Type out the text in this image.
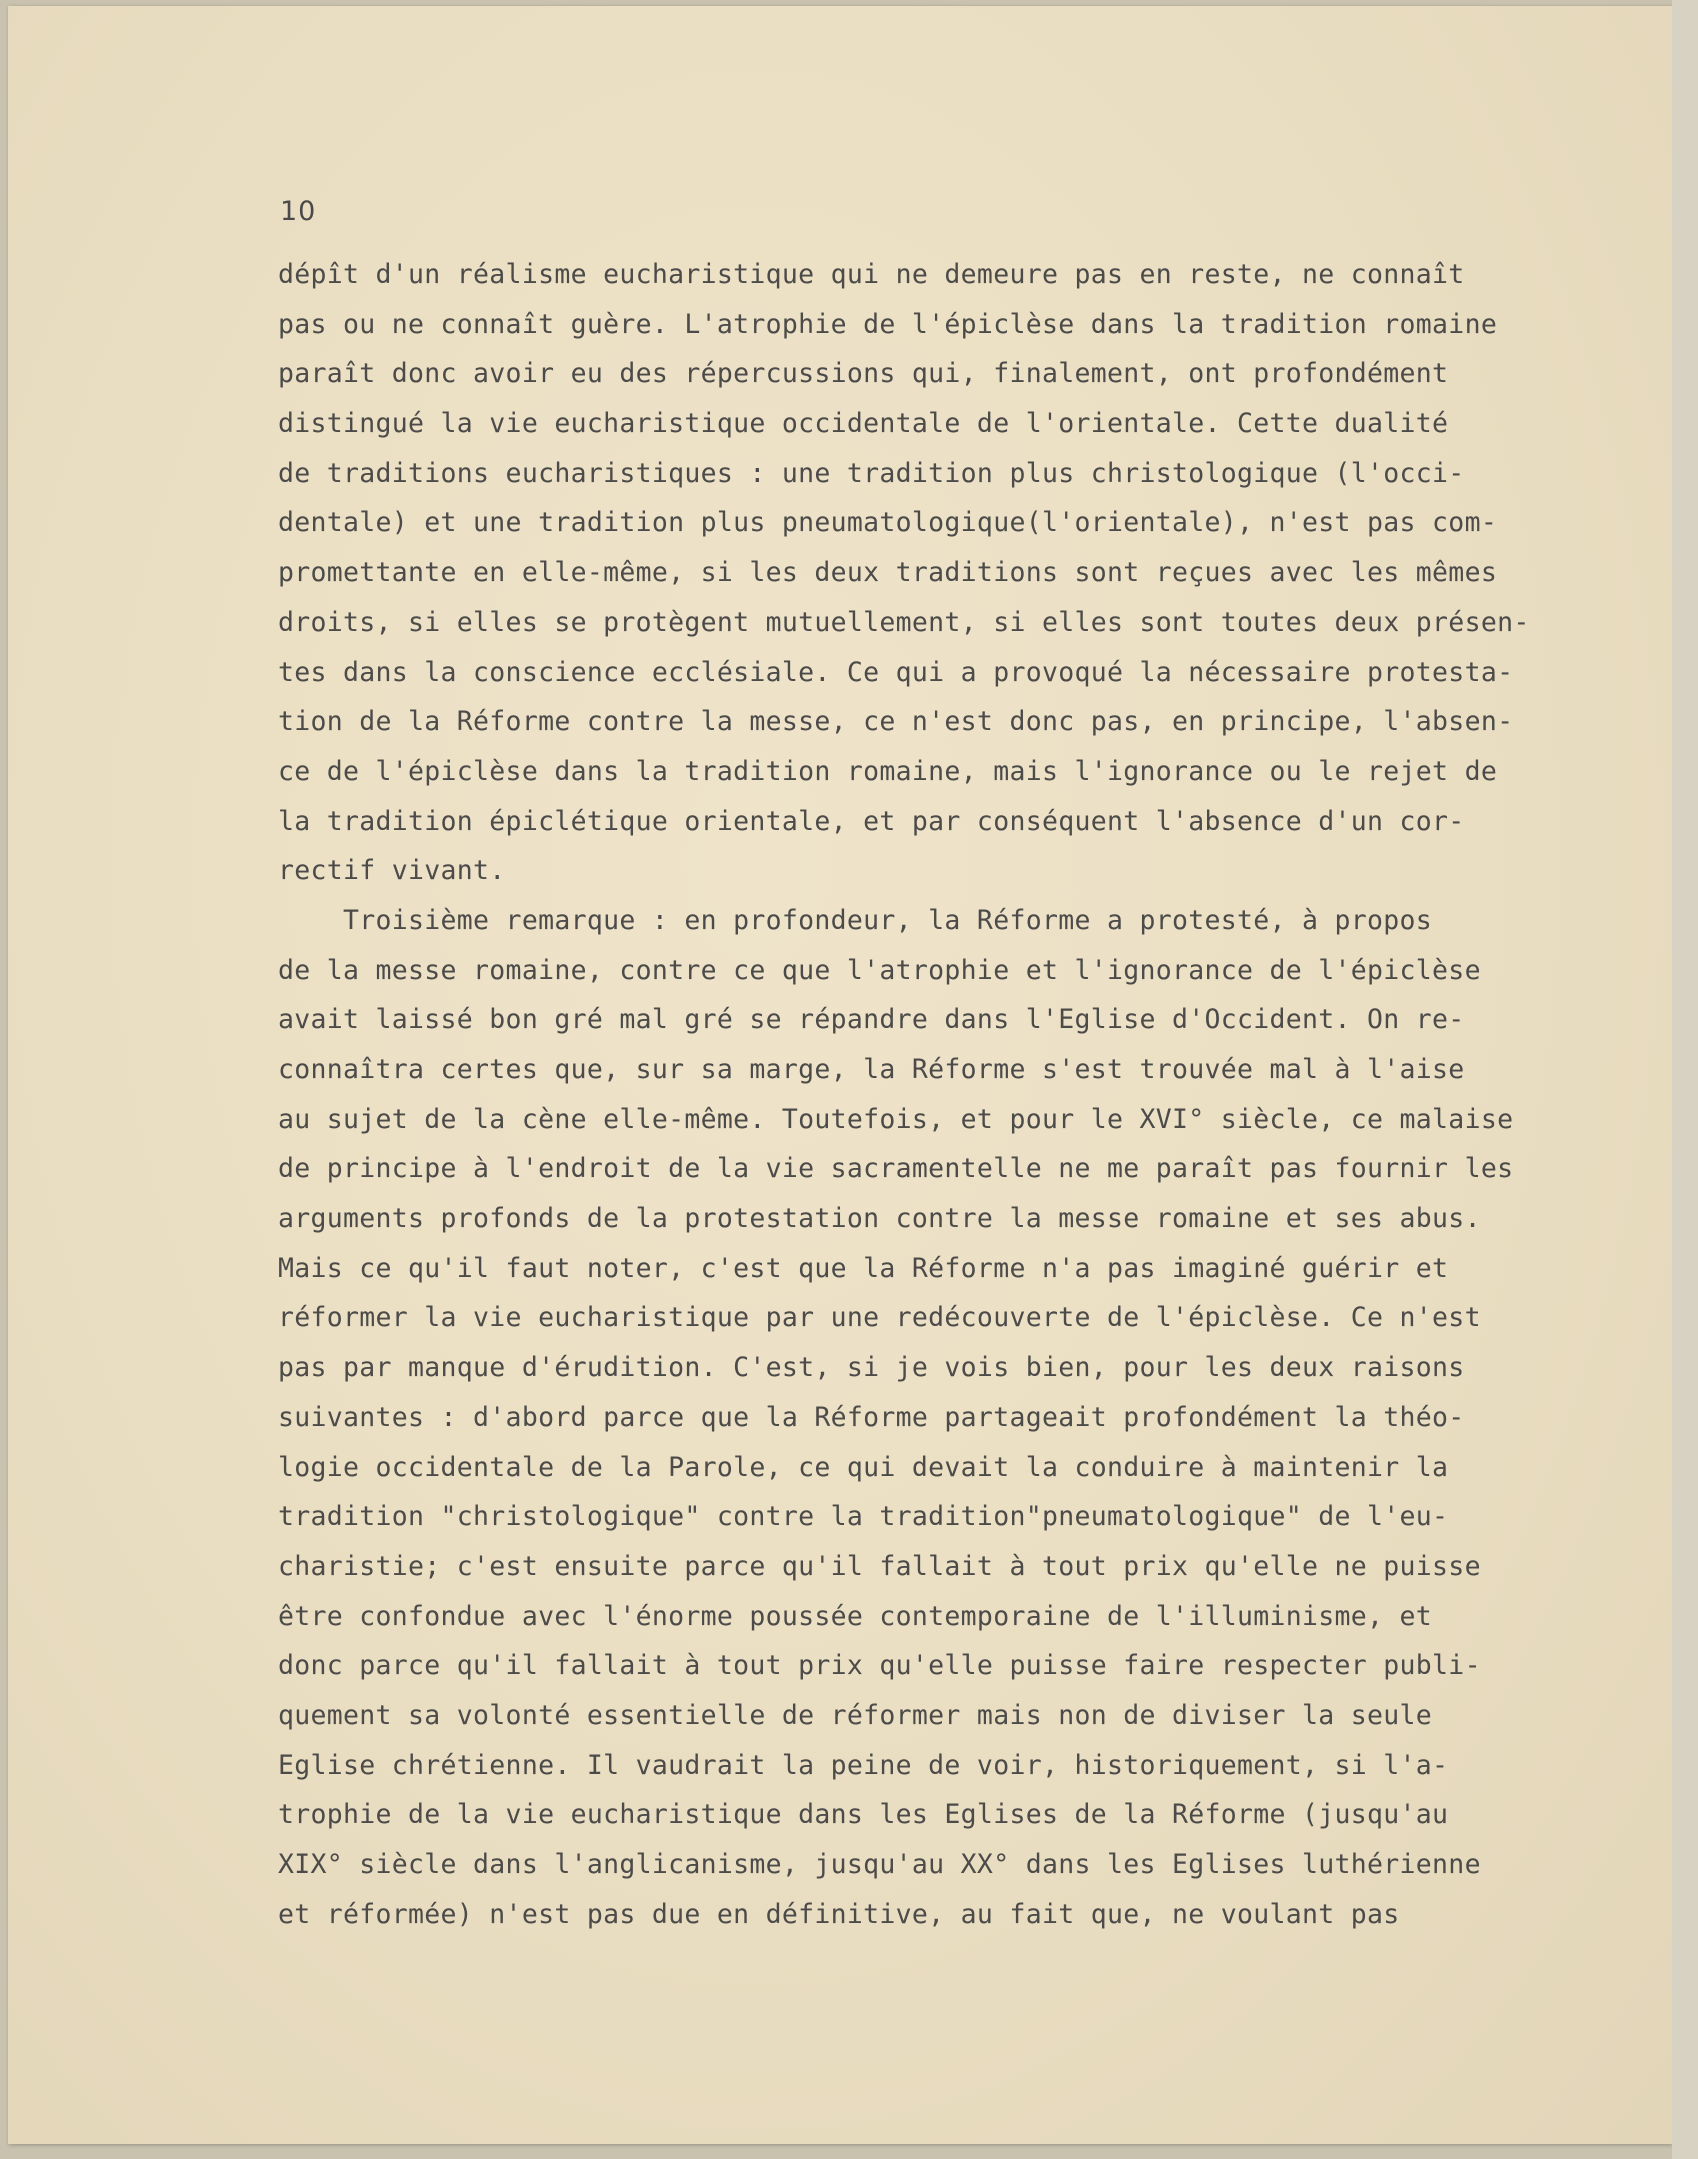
10
dépît d'un réalisme eucharistique qui ne demeure pas en reste, ne connaît
pas ou ne connaît guère. L'atrophie de l'épiclèse dans la tradition romaine
paraît donc avoir eu des répercussions qui, finalement, ont profondément
distingué la vie eucharistique occidentale de l'orientale. Cette dualité
de traditions eucharistiques : une tradition plus christologique (l'occi-
dentale) et une tradition plus pneumatologique(l'orientale), n'est pas com-
promettante en elle-même, si les deux traditions sont reçues avec les mêmes
droits, si elles se protègent mutuellement, si elles sont toutes deux présen-
tes dans la conscience ecclésiale. Ce qui a provoqué la nécessaire protesta-
tion de la Réforme contre la messe, ce n'est donc pas, en principe, l'absen-
ce de l'épiclèse dans la tradition romaine, mais l'ignorance ou le rejet de
la tradition épiclétique orientale, et par conséquent l'absence d'un cor-
rectif vivant.
Troisième remarque : en profondeur, la Réforme a protesté, à propos
de la messe romaine, contre ce que l'atrophie et l'ignorance de l'épiclèse
avait laissé bon gré mal gré se répandre dans l'Eglise d'Occident. On re-
connaîtra certes que, sur sa marge, la Réforme s'est trouvée mal à l'aise
au sujet de la cène elle-même. Toutefois, et pour le XVI° siècle, ce malaise
de principe à l'endroit de la vie sacramentelle ne me paraît pas fournir les
arguments profonds de la protestation contre la messe romaine et ses abus.
Mais ce qu'il faut noter, c'est que la Réforme n'a pas imaginé guérir et
réformer la vie eucharistique par une redécouverte de l'épiclèse. Ce n'est
pas par manque d'érudition. C'est, si je vois bien, pour les deux raisons
suivantes : d'abord parce que la Réforme partageait profondément la théo-
logie occidentale de la Parole, ce qui devait la conduire à maintenir la
tradition "christologique" contre la tradition"pneumatologique" de l'eu-
charistie; c'est ensuite parce qu'il fallait à tout prix qu'elle ne puisse
être confondue avec l'énorme poussée contemporaine de l'illuminisme, et
donc parce qu'il fallait à tout prix qu'elle puisse faire respecter publi-
quement sa volonté essentielle de réformer mais non de diviser la seule
Eglise chrétienne. Il vaudrait la peine de voir, historiquement, si l'a-
trophie de la vie eucharistique dans les Eglises de la Réforme (jusqu'au
XIX° siècle dans l'anglicanisme, jusqu'au XX° dans les Eglises luthérienne
et réformée) n'est pas due en définitive, au fait que, ne voulant pas
